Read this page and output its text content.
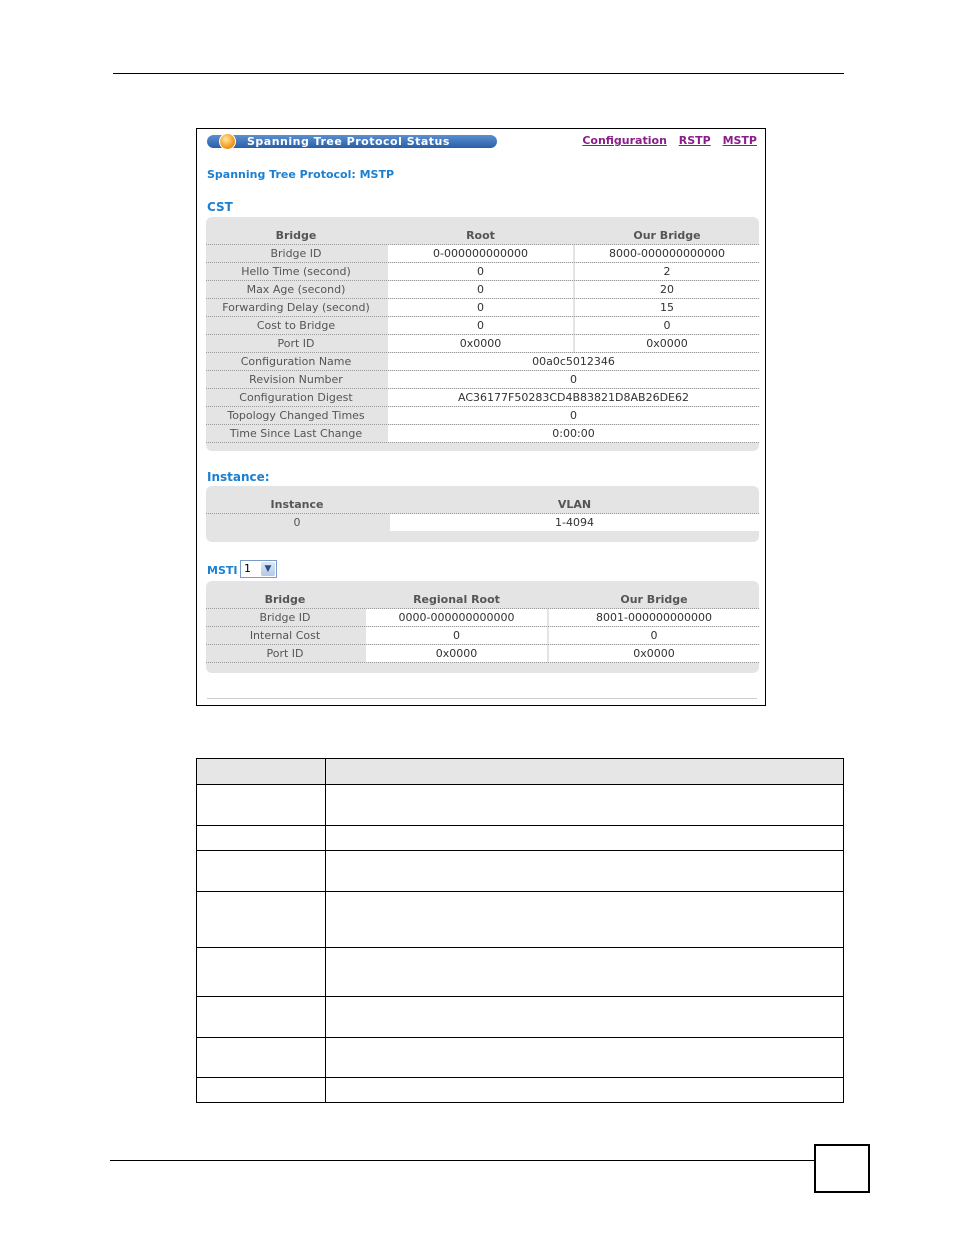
Spanning Tree Protocol Status	Configuration RSTP MSTP
Spanning Tree Protocol: MSTP
CST
Bridge	Root	Our Bridge
Bridge ID	0-000000000000	8000-000000000000
Hello Time (second)	0	2
Max Age (second)	0	20
Forwarding Delay (second)	0	15
Cost to Bridge	0	0
Port ID	0x0000	0x0000
Configuration Name	00a0c5012346
Revision Number	0
Configuration Digest	AC36177F50283CD4B83821D8AB26DE62
Topology Changed Times	0
Time Since Last Change	0:00:00
Instance:
Instance	VLAN
0	1-4094
MSTI 1	▼
Bridge	Regional Root	Our Bridge
Bridge ID	0000-000000000000	8001-000000000000
Internal Cost	0	0
Port ID	0x0000	0x0000
